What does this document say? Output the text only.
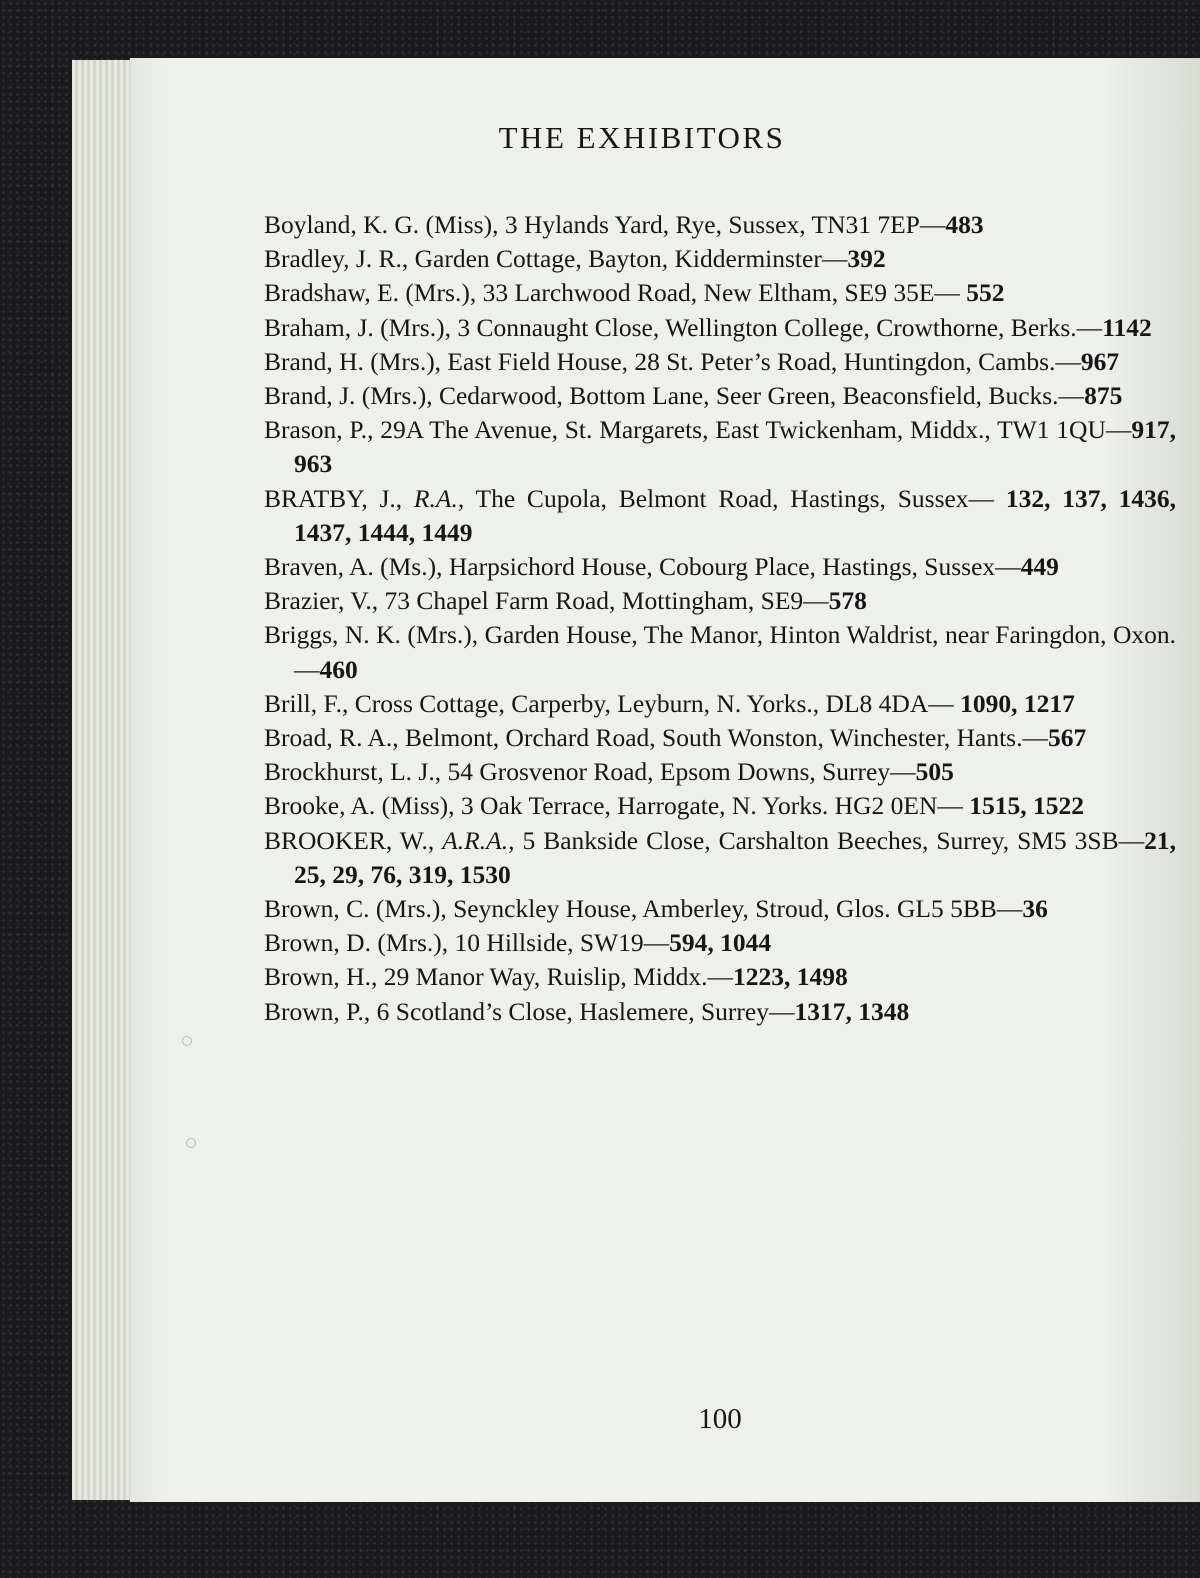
THE EXHIBITORS

Boyland, K. G. (Miss), 3 Hylands Yard, Rye, Sussex, TN31 7EP—483

Bradley, J. R., Garden Cottage, Bayton, Kidderminster—392

Bradshaw, E. (Mrs.), 33 Larchwood Road, New Eltham, SE9 35E— 552

Braham, J. (Mrs.), 3 Connaught Close, Wellington College, Crowthorne, Berks.—1142

Brand, H. (Mrs.), East Field House, 28 St. Peter’s Road, Huntingdon, Cambs.—967

Brand, J. (Mrs.), Cedarwood, Bottom Lane, Seer Green, Beaconsfield, Bucks.—875

Brason, P., 29A The Avenue, St. Margarets, East Twickenham, Middx., TW1 1QU—917, 963

BRATBY, J., R.A., The Cupola, Belmont Road, Hastings, Sussex— 132, 137, 1436, 1437, 1444, 1449

Braven, A. (Ms.), Harpsichord House, Cobourg Place, Hastings, Sussex—449

Brazier, V., 73 Chapel Farm Road, Mottingham, SE9—578

Briggs, N. K. (Mrs.), Garden House, The Manor, Hinton Waldrist, near Faringdon, Oxon.—460

Brill, F., Cross Cottage, Carperby, Leyburn, N. Yorks., DL8 4DA— 1090, 1217

Broad, R. A., Belmont, Orchard Road, South Wonston, Winchester, Hants.—567

Brockhurst, L. J., 54 Grosvenor Road, Epsom Downs, Surrey—505

Brooke, A. (Miss), 3 Oak Terrace, Harrogate, N. Yorks. HG2 0EN— 1515, 1522

BROOKER, W., A.R.A., 5 Bankside Close, Carshalton Beeches, Surrey, SM5 3SB—21, 25, 29, 76, 319, 1530

Brown, C. (Mrs.), Seynckley House, Amberley, Stroud, Glos. GL5 5BB—36

Brown, D. (Mrs.), 10 Hillside, SW19—594, 1044

Brown, H., 29 Manor Way, Ruislip, Middx.—1223, 1498

Brown, P., 6 Scotland’s Close, Haslemere, Surrey—1317, 1348

100
